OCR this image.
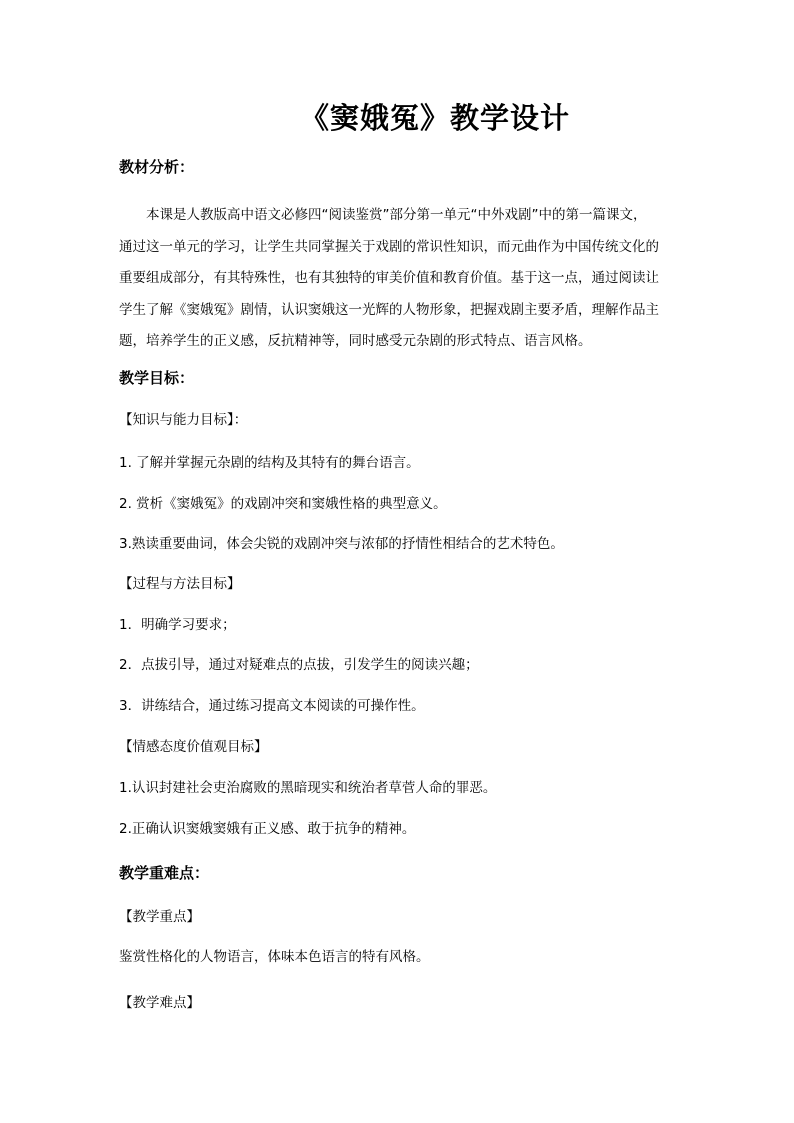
《窦娥冤》教学设计
教材分析：
本课是人教版高中语文必修四“阅读鉴赏”部分第一单元“中外戏剧”中的第一篇课文，
通过这一单元的学习，让学生共同掌握关于戏剧的常识性知识，而元曲作为中国传统文化的
重要组成部分，有其特殊性，也有其独特的审美价值和教育价值。基于这一点，通过阅读让
学生了解《窦娥冤》剧情，认识窦娥这一光辉的人物形象，把握戏剧主要矛盾，理解作品主
题，培养学生的正义感，反抗精神等，同时感受元杂剧的形式特点、语言风格。
教学目标：
【知识与能力目标】：
1. 了解并掌握元杂剧的结构及其特有的舞台语言。
2. 赏析《窦娥冤》的戏剧冲突和窦娥性格的典型意义。
3.熟读重要曲词，体会尖锐的戏剧冲突与浓郁的抒情性相结合的艺术特色。
【过程与方法目标】
1．明确学习要求；
2．点拔引导，通过对疑难点的点拔，引发学生的阅读兴趣；
3．讲练结合，通过练习提高文本阅读的可操作性。
【情感态度价值观目标】
1.认识封建社会吏治腐败的黑暗现实和统治者草菅人命的罪恶。
2.正确认识窦娥窦娥有正义感、敢于抗争的精神。
教学重难点：
【教学重点】
鉴赏性格化的人物语言，体味本色语言的特有风格。
【教学难点】
